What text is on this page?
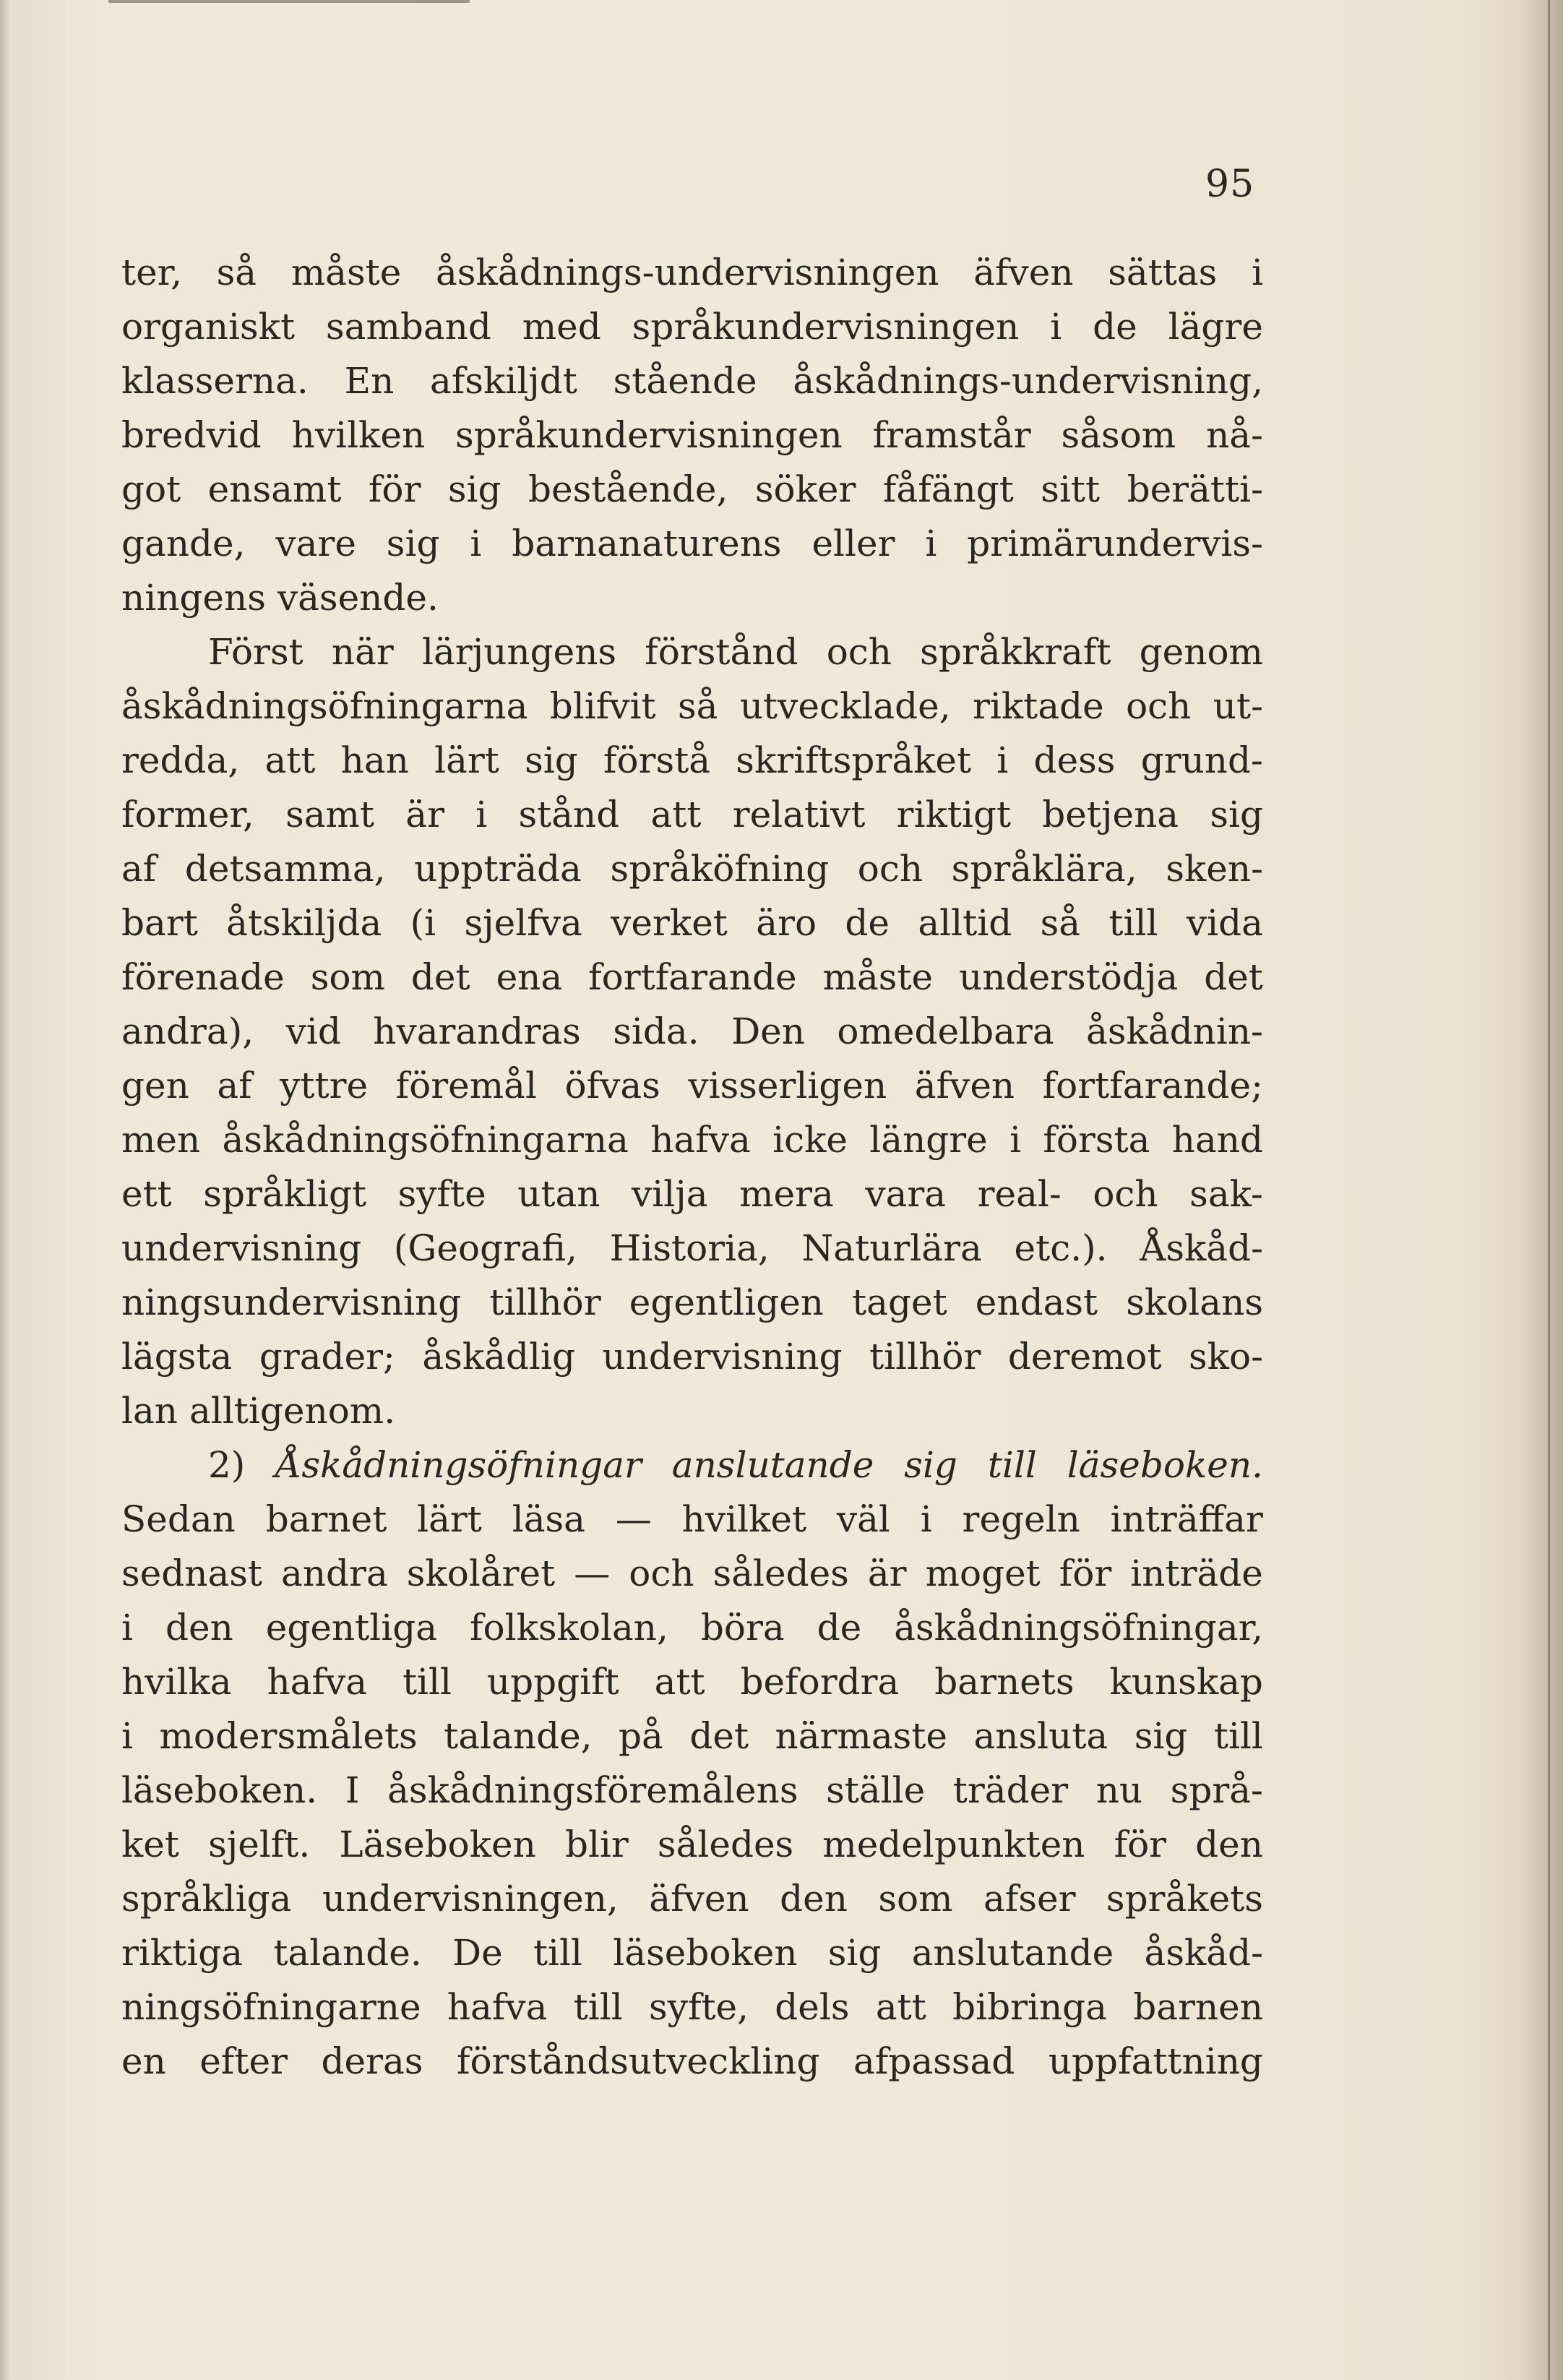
95
ter, så måste åskådnings-undervisningen äfven sättas i
organiskt samband med språkundervisningen i de lägre
klasserna. En afskiljdt stående åskådnings-undervisning,
bredvid hvilken språkundervisningen framstår såsom nå-
got ensamt för sig bestående, söker fåfängt sitt berätti-
gande, vare sig i barnanaturens eller i primärundervis-
ningens väsende.
Först när lärjungens förstånd och språkkraft genom
åskådningsöfningarna blifvit så utvecklade, riktade och ut-
redda, att han lärt sig förstå skriftspråket i dess grund-
former, samt är i stånd att relativt riktigt betjena sig
af detsamma, uppträda språköfning och språklära, sken-
bart åtskiljda (i sjelfva verket äro de alltid så till vida
förenade som det ena fortfarande måste understödja det
andra), vid hvarandras sida. Den omedelbara åskådnin-
gen af yttre föremål öfvas visserligen äfven fortfarande;
men åskådningsöfningarna hafva icke längre i första hand
ett språkligt syfte utan vilja mera vara real- och sak-
undervisning (Geografi, Historia, Naturlära etc.). Åskåd-
ningsundervisning tillhör egentligen taget endast skolans
lägsta grader; åskådlig undervisning tillhör deremot sko-
lan alltigenom.
2) Åskådningsöfningar anslutande sig till läseboken.
Sedan barnet lärt läsa — hvilket väl i regeln inträffar
sednast andra skolåret — och således är moget för inträde
i den egentliga folkskolan, böra de åskådningsöfningar,
hvilka hafva till uppgift att befordra barnets kunskap
i modersmålets talande, på det närmaste ansluta sig till
läseboken. I åskådningsföremålens ställe träder nu språ-
ket sjelft. Läseboken blir således medelpunkten för den
språkliga undervisningen, äfven den som afser språkets
riktiga talande. De till läseboken sig anslutande åskåd-
ningsöfningarne hafva till syfte, dels att bibringa barnen
en efter deras förståndsutveckling afpassad uppfattning
